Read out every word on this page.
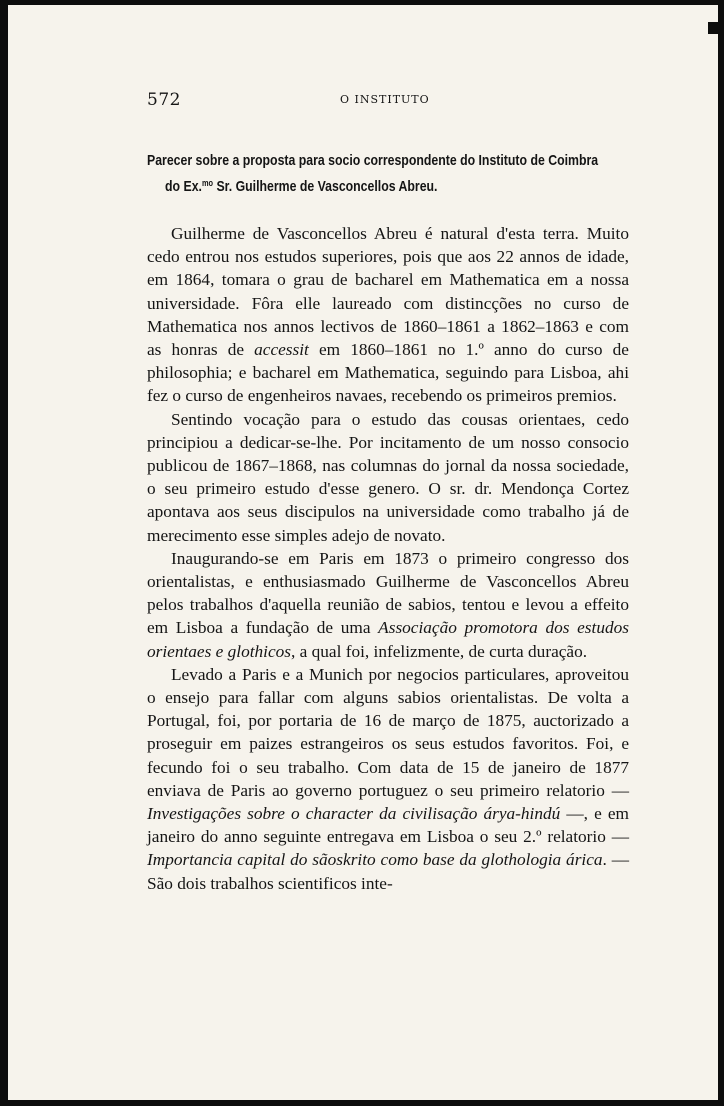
572	O INSTITUTO
Parecer sobre a proposta para socio correspondente do Instituto de Coimbra
do Ex.$^{mo}$ Sr. Guilherme de Vasconcellos Abreu.

Guilherme de Vasconcellos Abreu é natural d'esta terra. Muito cedo entrou nos estudos superiores, pois que aos 22 annos de idade, em 1864, tomara o grau de bacharel em Mathematica em a nossa universidade. Fôra elle laureado com distincções no curso de Mathematica nos annos lectivos de 1860–1861 a 1862–1863 e com as honras de accessit em 1860–1861 no 1.º anno do curso de philosophia; e bacharel em Mathematica, seguindo para Lisboa, ahi fez o curso de engenheiros navaes, recebendo os primeiros premios.

Sentindo vocação para o estudo das cousas orientaes, cedo principiou a dedicar-se-lhe. Por incitamento de um nosso consocio publicou de 1867–1868, nas columnas do jornal da nossa sociedade, o seu primeiro estudo d'esse genero. O sr. dr. Mendonça Cortez apontava aos seus discipulos na universidade como trabalho já de merecimento esse simples adejo de novato.

Inaugurando-se em Paris em 1873 o primeiro congresso dos orientalistas, e enthusiasmado Guilherme de Vasconcellos Abreu pelos trabalhos d'aquella reunião de sabios, tentou e levou a effeito em Lisboa a fundação de uma Associação promotora dos estudos orientaes e glothicos, a qual foi, infelizmente, de curta duração.

Levado a Paris e a Munich por negocios particulares, aproveitou o ensejo para fallar com alguns sabios orientalistas. De volta a Portugal, foi, por portaria de 16 de março de 1875, auctorizado a proseguir em paizes estrangeiros os seus estudos favoritos. Foi, e fecundo foi o seu trabalho. Com data de 15 de janeiro de 1877 enviava de Paris ao governo portuguez o seu primeiro relatorio — Investigações sobre o character da civilisação árya-hindú —, e em janeiro do anno seguinte entregava em Lisboa o seu 2.º relatorio — Importancia capital do sãoskrito como base da glothologia árica. — São dois trabalhos scientificos inte-
